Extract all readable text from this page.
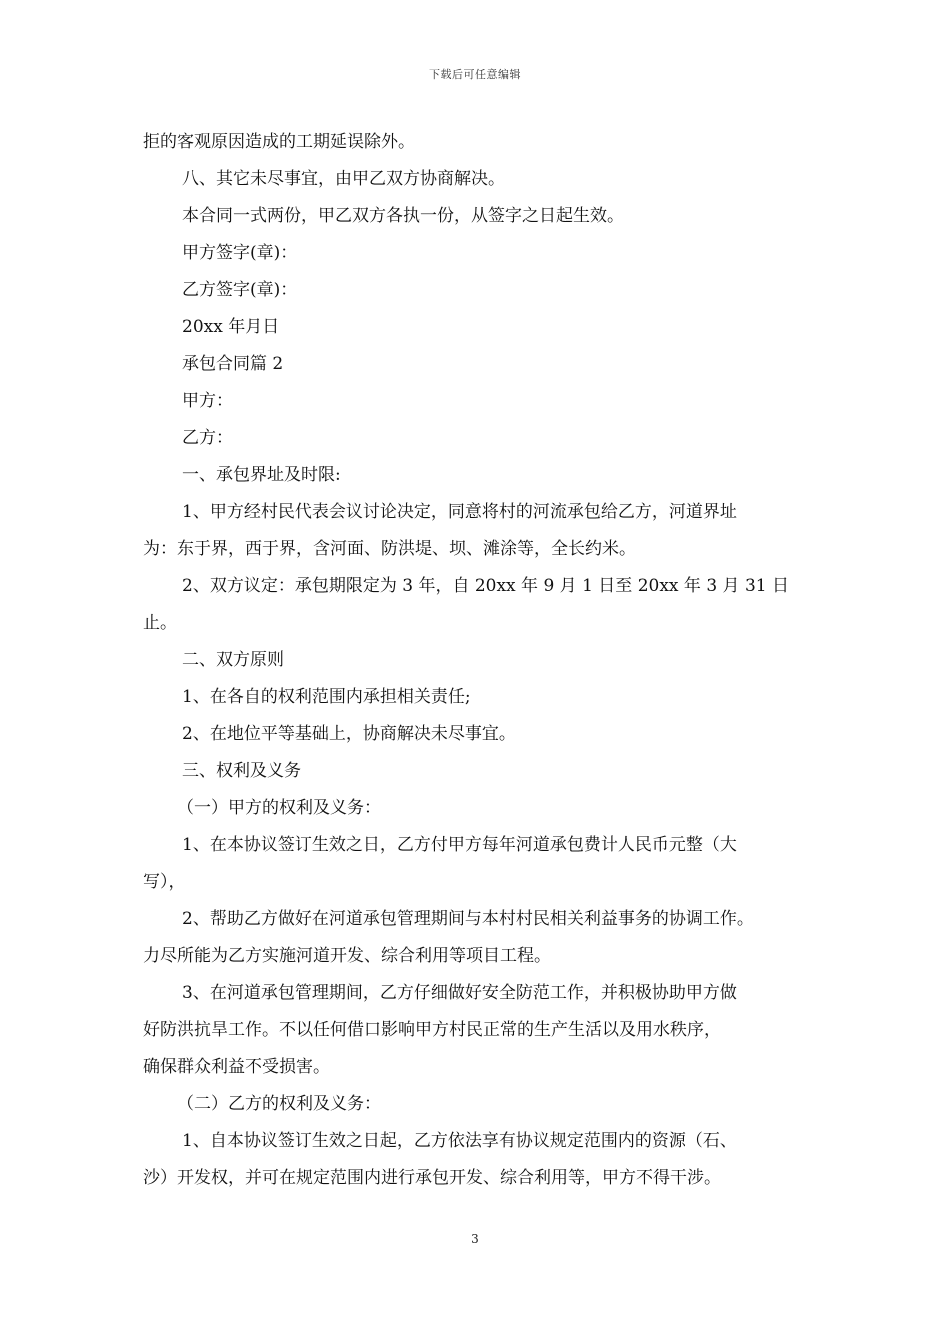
下载后可任意编辑

拒的客观原因造成的工期延误除外。

八、其它未尽事宜，由甲乙双方协商解决。

本合同一式两份，甲乙双方各执一份，从签字之日起生效。

甲方签字(章)：

乙方签字(章)：

20xx 年月日

承包合同篇 2

甲方：

乙方：

一、承包界址及时限:

1、甲方经村民代表会议讨论决定，同意将村的河流承包给乙方，河道界址

为：东于界，西于界，含河面、防洪堤、坝、滩涂等，全长约米。

2、双方议定：承包期限定为 3 年，自 20xx 年 9 月 1 日至 20xx 年 3 月 31 日

止。

二、双方原则

1、在各自的权利范围内承担相关责任;

2、在地位平等基础上，协商解决未尽事宜。

三、权利及义务

（一）甲方的权利及义务：

1、在本协议签订生效之日，乙方付甲方每年河道承包费计人民币元整（大

写），

2、帮助乙方做好在河道承包管理期间与本村村民相关利益事务的协调工作。

力尽所能为乙方实施河道开发、综合利用等项目工程。

3、在河道承包管理期间，乙方仔细做好安全防范工作，并积极协助甲方做

好防洪抗旱工作。不以任何借口影响甲方村民正常的生产生活以及用水秩序，

确保群众利益不受损害。

（二）乙方的权利及义务：

1、自本协议签订生效之日起，乙方依法享有协议规定范围内的资源（石、

沙）开发权，并可在规定范围内进行承包开发、综合利用等，甲方不得干涉。

3
